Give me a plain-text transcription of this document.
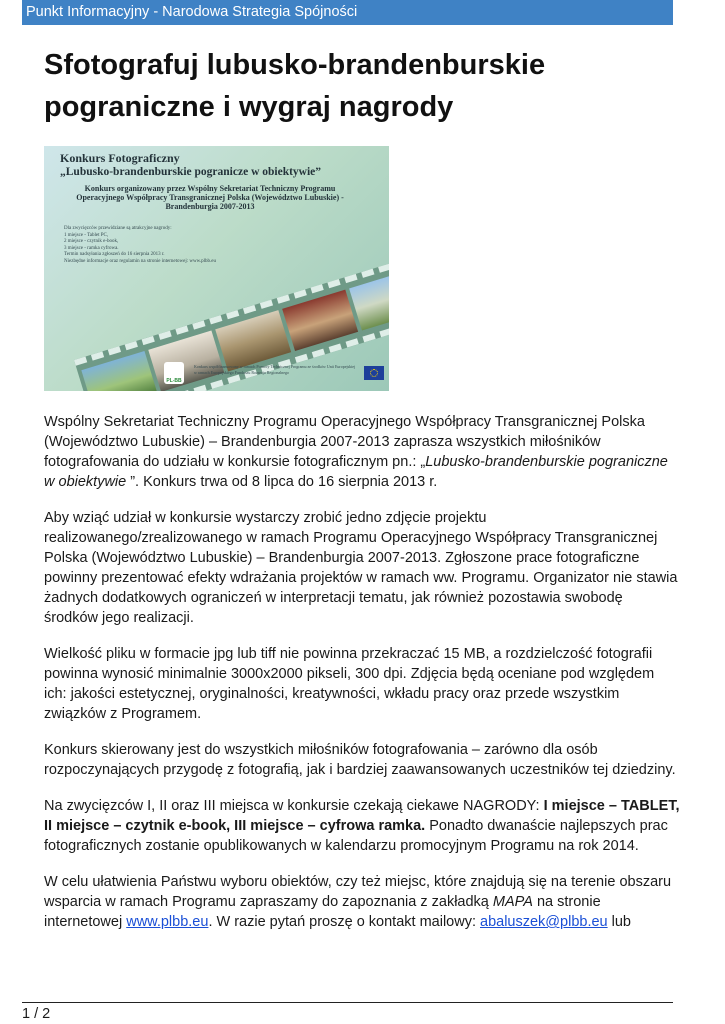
Punkt Informacyjny - Narodowa Strategia Spójności
Sfotografuj lubusko-brandenburskie pograniczne i wygraj nagrody
Konkurs Fotograficzny
„Lubusko-brandenburskie pogranicze w obiektywie”
Konkurs organizowany przez Wspólny Sekretariat Techniczny Programu Operacyjnego Współpracy Transgranicznej Polska (Województwo Lubuskie) - Brandenburgia 2007-2013
Dla zwycięzców przewidziane są atrakcyjne nagrody:
1 miejsce - Tablet PC,
2 miejsce - czytnik e-book,
3 miejsce - ramka cyfrowa.
Termin nadsyłania zgłoszeń do 16 sierpnia 2013 r.
Niezbędne informacje oraz regulamin na stronie internetowej: www.plbb.eu
PL-BB
Konkurs współfinansowany w ramach Pomocy Technicznej Programu ze środków Unii Europejskiej w ramach Europejskiego Funduszu Rozwoju Regionalnego

Wspólny Sekretariat Techniczny Programu Operacyjnego Współpracy Transgranicznej Polska (Województwo Lubuskie) – Brandenburgia 2007-2013 zaprasza wszystkich miłośników fotografowania do udziału w konkursie fotograficznym pn.: „Lubusko-brandenburskie pograniczne w obiektywie ”. Konkurs trwa od 8 lipca do 16 sierpnia 2013 r.

Aby wziąć udział w konkursie wystarczy zrobić jedno zdjęcie projektu realizowanego/zrealizowanego w ramach Programu Operacyjnego Współpracy Transgranicznej Polska (Województwo Lubuskie) – Brandenburgia 2007-2013. Zgłoszone prace fotograficzne powinny prezentować efekty wdrażania projektów w ramach ww. Programu. Organizator nie stawia żadnych dodatkowych ograniczeń w interpretacji tematu, jak również pozostawia swobodę środków jego realizacji.

Wielkość pliku w formacie jpg lub tiff nie powinna przekraczać 15 MB, a rozdzielczość fotografii powinna wynosić minimalnie 3000x2000 pikseli, 300 dpi. Zdjęcia będą oceniane pod względem ich: jakości estetycznej, oryginalności, kreatywności, wkładu pracy oraz przede wszystkim związków z Programem.

Konkurs skierowany jest do wszystkich miłośników fotografowania – zarówno dla osób rozpoczynających przygodę z fotografią, jak i bardziej zaawansowanych uczestników tej dziedziny.

Na zwycięzców I, II oraz III miejsca w konkursie czekają ciekawe NAGRODY: I miejsce – TABLET, II miejsce – czytnik e-book, III miejsce – cyfrowa ramka. Ponadto dwanaście najlepszych prac fotograficznych zostanie opublikowanych w kalendarzu promocyjnym Programu na rok 2014.

W celu ułatwienia Państwu wyboru obiektów, czy też miejsc, które znajdują się na terenie obszaru wsparcia w ramach Programu zapraszamy do zapoznania z zakładką MAPA na stronie internetowej www.plbb.eu. W razie pytań proszę o kontakt mailowy: abaluszek@plbb.eu lub

1 / 2
